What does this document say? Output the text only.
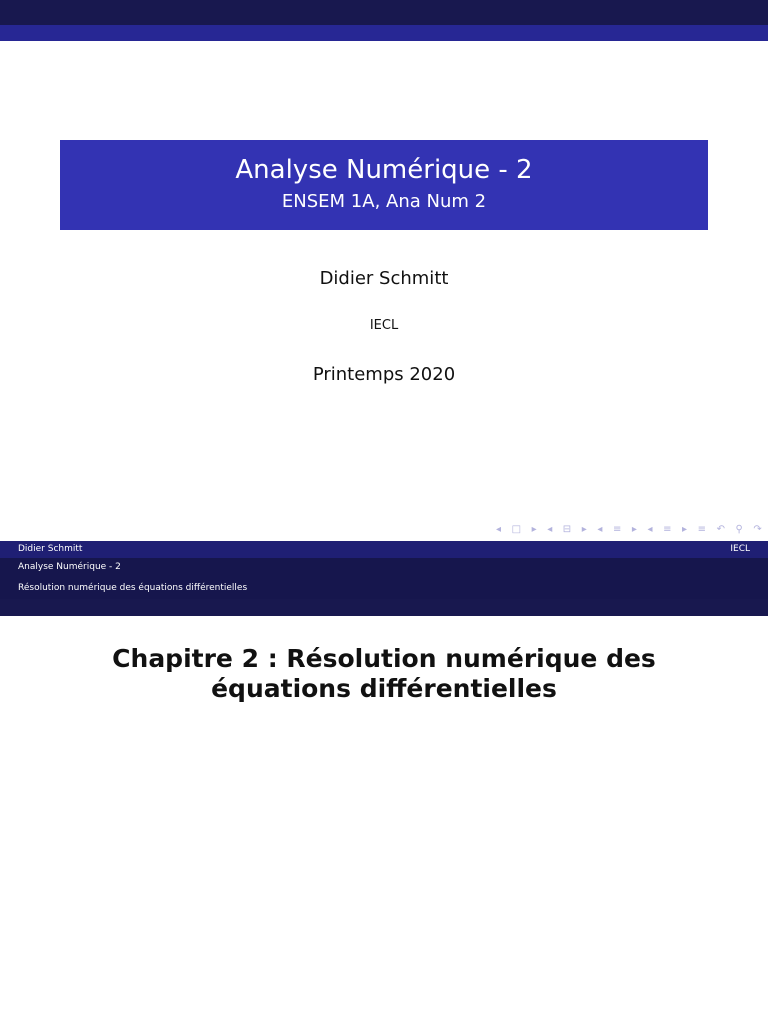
Analyse Numérique - 2
ENSEM 1A, Ana Num 2
Didier Schmitt
IECL
Printemps 2020
◂ □ ▸ ◂ ⊟ ▸ ◂ ≡ ▸ ◂ ≡ ▸ ≡ ↶ ⚲ ↷
Didier Schmitt	IECL
Analyse Numérique - 2
Résolution numérique des équations différentielles
Chapitre 2 : Résolution numérique des
équations différentielles
